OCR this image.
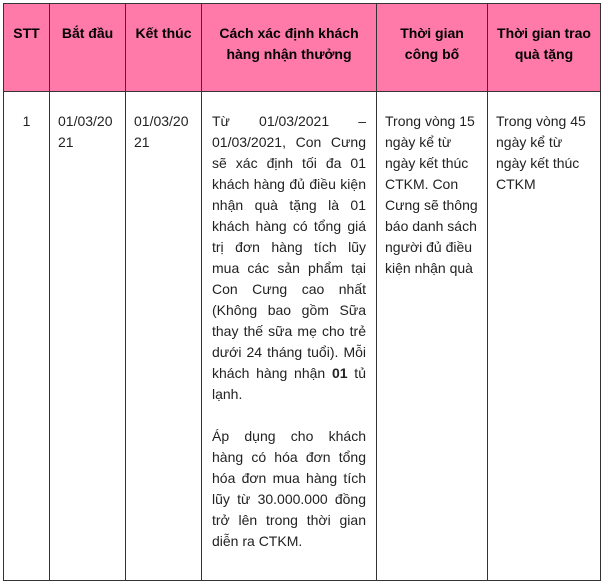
STT	Bắt đầu	Kết thúc	Cách xác định khách hàng nhận thưởng	Thời gian công bố	Thời gian trao quà tặng
1	01/03/2021	01/03/2021	Từ 01/03/2021 – 01/03/2021, Con Cưng sẽ xác định tối đa 01 khách hàng đủ điều kiện nhận quà tặng là 01 khách hàng có tổng giá trị đơn hàng tích lũy mua các sản phẩm tại Con Cưng cao nhất (Không bao gồm Sữa thay thế sữa mẹ cho trẻ dưới 24 tháng tuổi). Mỗi khách hàng nhận 01 tủ lạnh.

Áp dụng cho khách hàng có hóa đơn tổng hóa đơn mua hàng tích lũy từ 30.000.000 đồng trở lên trong thời gian diễn ra CTKM.	Trong vòng 15 ngày kể từ ngày kết thúc CTKM. Con Cưng sẽ thông báo danh sách người đủ điều kiện nhận quà	Trong vòng 45 ngày kể từ ngày kết thúc CTKM
